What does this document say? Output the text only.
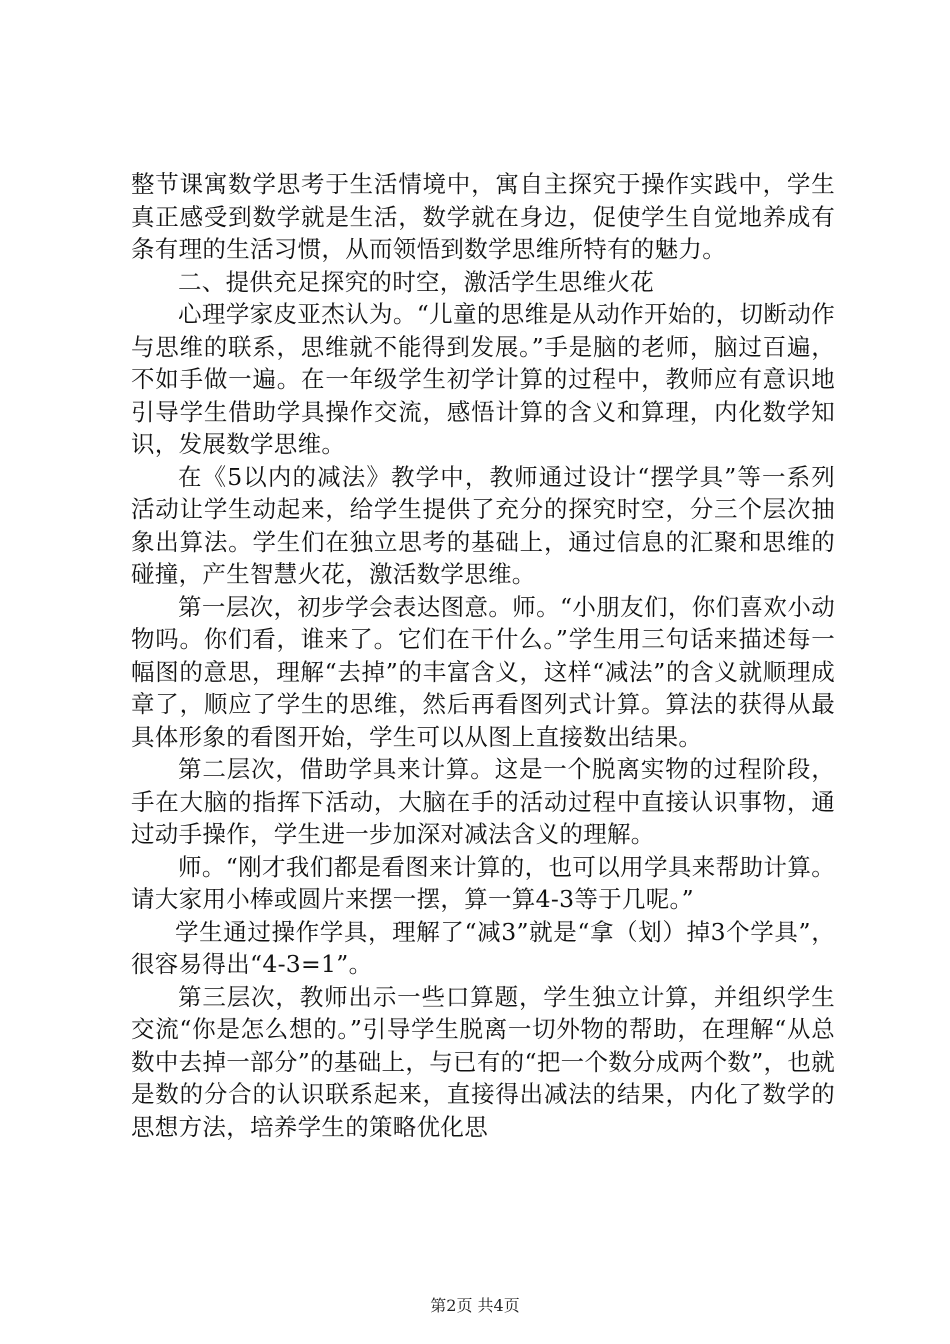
整节课寓数学思考于生活情境中，寓自主探究于操作实践中，学生真正感受到数学就是生活，数学就在身边，促使学生自觉地养成有条有理的生活习惯，从而领悟到数学思维所特有的魅力。

二、提供充足探究的时空，激活学生思维火花

心理学家皮亚杰认为。“儿童的思维是从动作开始的，切断动作与思维的联系，思维就不能得到发展。”手是脑的老师，脑过百遍，不如手做一遍。在一年级学生初学计算的过程中，教师应有意识地引导学生借助学具操作交流，感悟计算的含义和算理，内化数学知识，发展数学思维。

在《5以内的减法》教学中，教师通过设计“摆学具”等一系列活动让学生动起来，给学生提供了充分的探究时空，分三个层次抽象出算法。学生们在独立思考的基础上，通过信息的汇聚和思维的碰撞，产生智慧火花，激活数学思维。

第一层次，初步学会表达图意。师。“小朋友们，你们喜欢小动物吗。你们看，谁来了。它们在干什么。”学生用三句话来描述每一幅图的意思，理解“去掉”的丰富含义，这样“减法”的含义就顺理成章了，顺应了学生的思维，然后再看图列式计算。算法的获得从最具体形象的看图开始，学生可以从图上直接数出结果。

第二层次，借助学具来计算。这是一个脱离实物的过程阶段，手在大脑的指挥下活动，大脑在手的活动过程中直接认识事物，通过动手操作，学生进一步加深对减法含义的理解。

师。“刚才我们都是看图来计算的，也可以用学具来帮助计算。请大家用小棒或圆片来摆一摆，算一算4-3等于几呢。”

学生通过操作学具，理解了“减3”就是“拿（划）掉3个学具”，很容易得出“4-3=1”。

第三层次，教师出示一些口算题，学生独立计算，并组织学生交流“你是怎么想的。”引导学生脱离一切外物的帮助，在理解“从总数中去掉一部分”的基础上，与已有的“把一个数分成两个数”，也就是数的分合的认识联系起来，直接得出减法的结果，内化了数学的思想方法，培养学生的策略优化思

第2页 共4页
